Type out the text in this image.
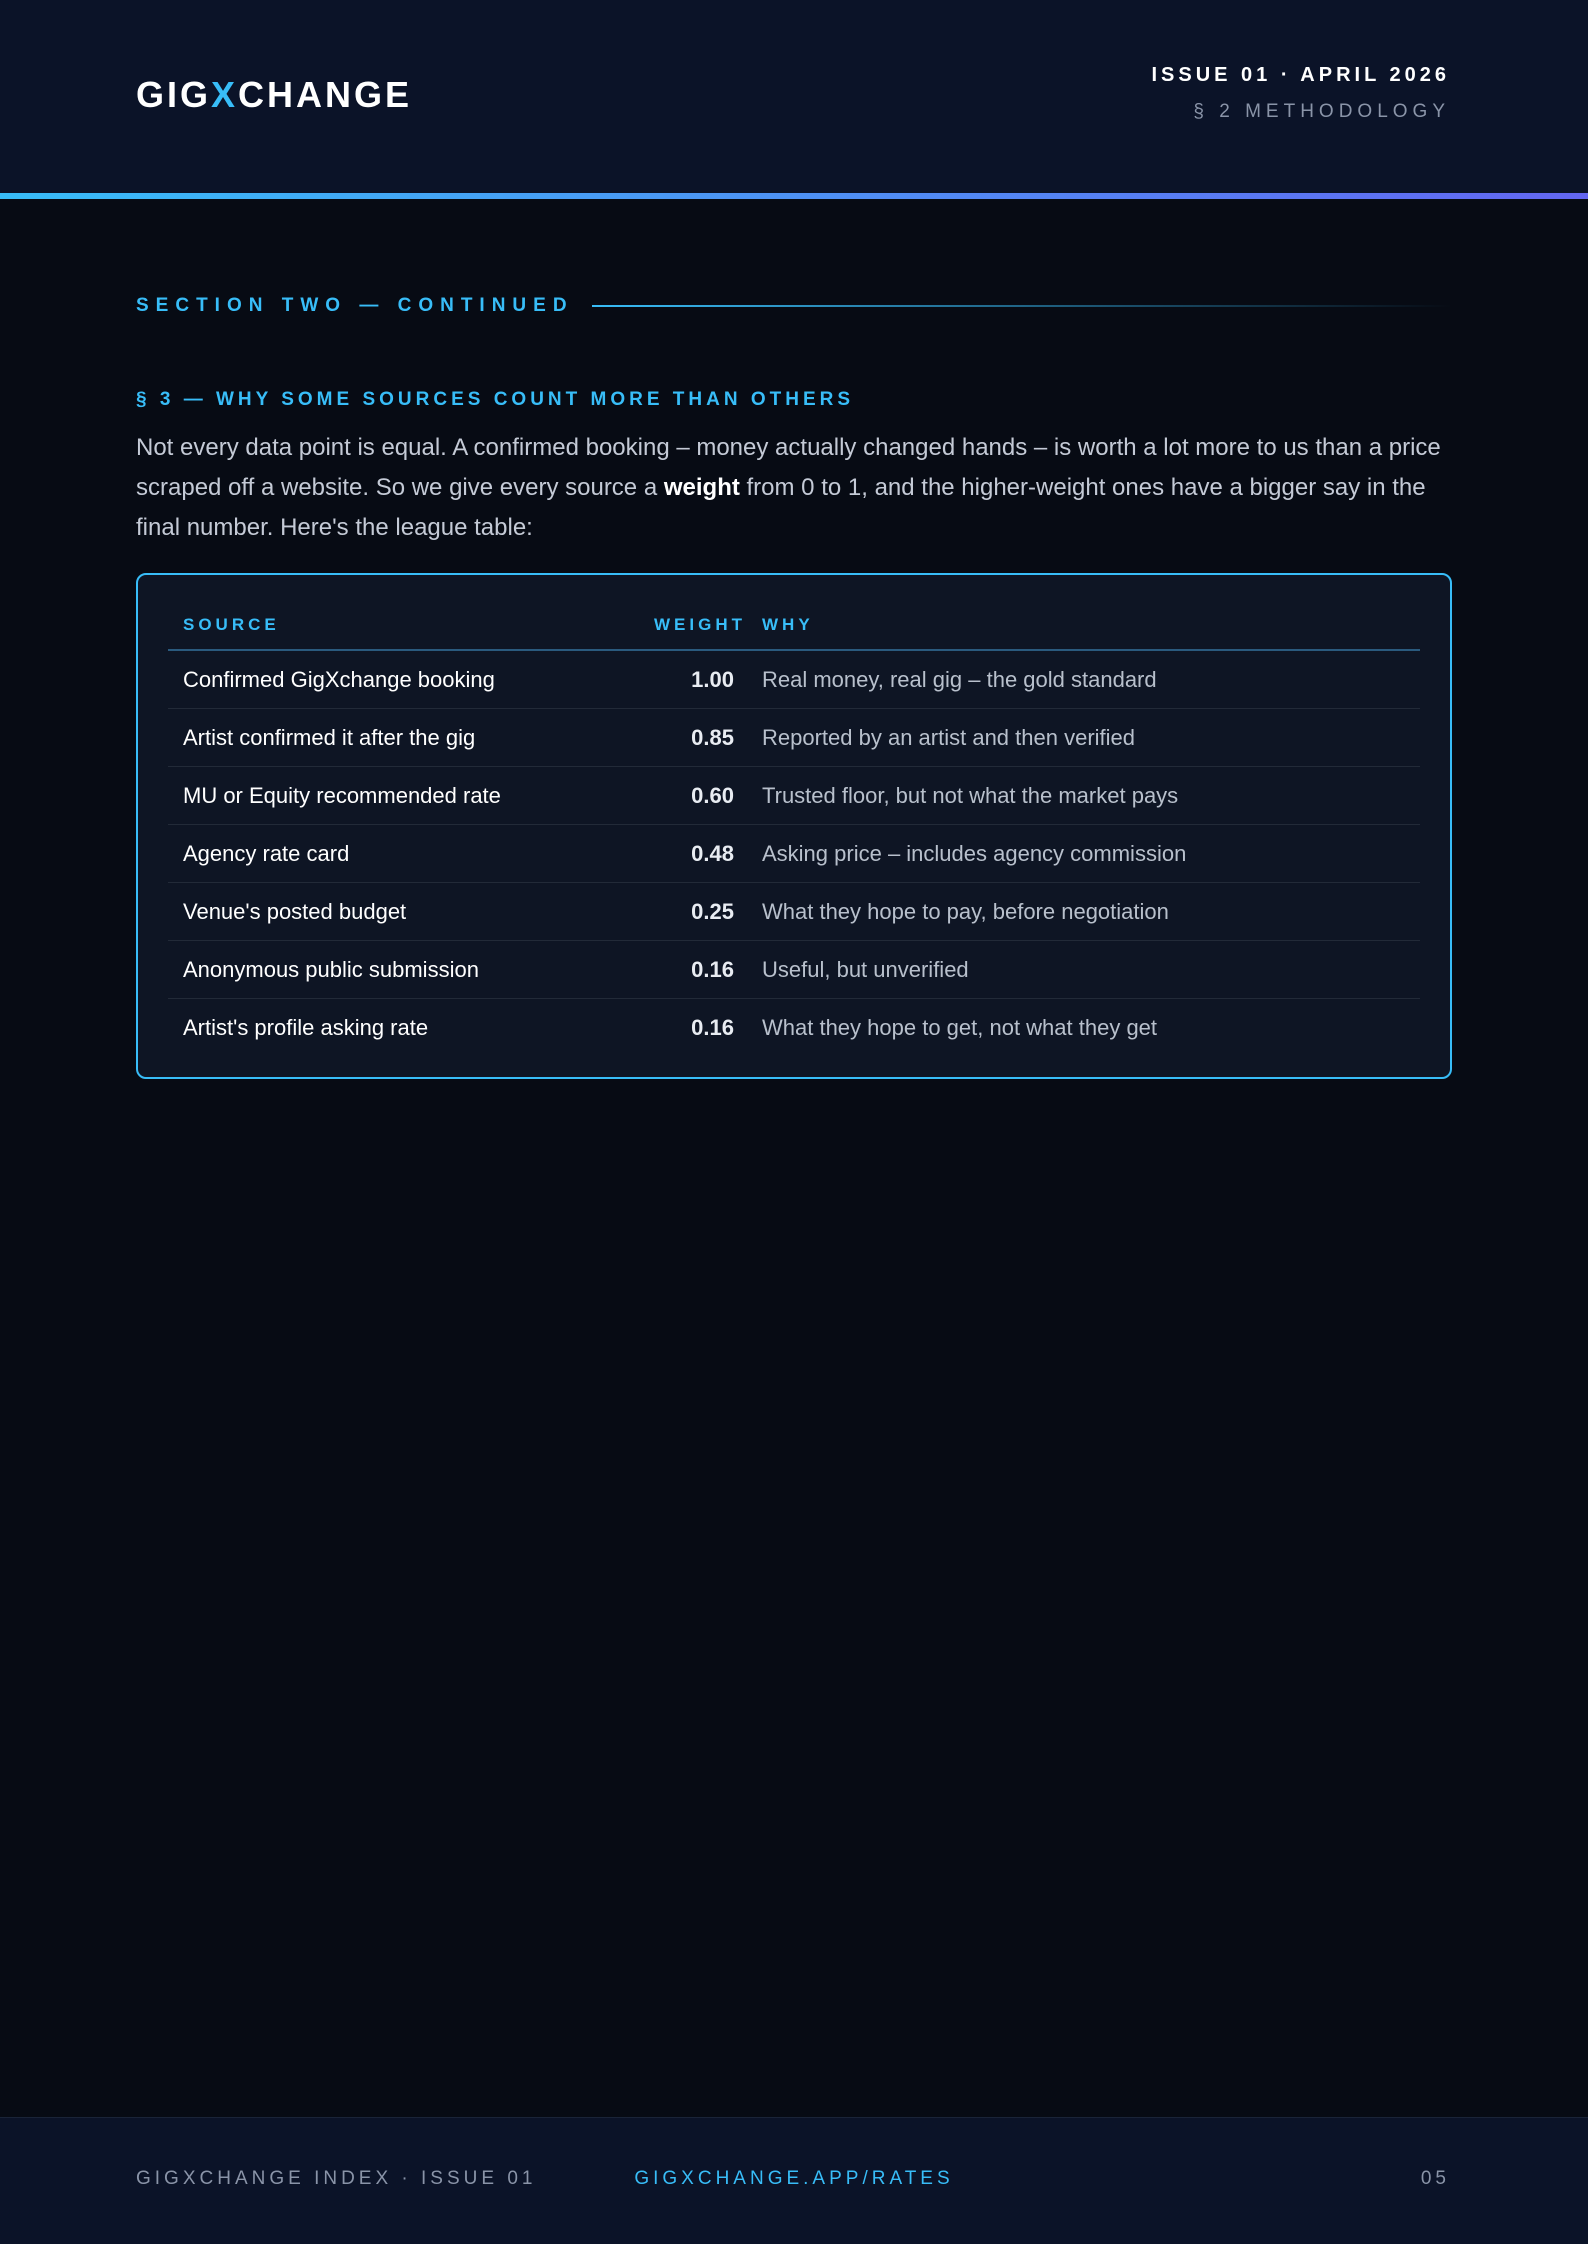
GIGXCHANGE	ISSUE 01 · APRIL 2026
§ 2 METHODOLOGY
SECTION TWO — CONTINUED
§ 3 — WHY SOME SOURCES COUNT MORE THAN OTHERS

Not every data point is equal. A confirmed booking – money actually changed hands – is worth a lot more to us than a price scraped off a website. So we give every source a weight from 0 to 1, and the higher-weight ones have a bigger say in the final number. Here's the league table:

SOURCE	WEIGHT WHY
Confirmed GigXchange booking	1.00	Real money, real gig – the gold standard
Artist confirmed it after the gig	0.85	Reported by an artist and then verified
MU or Equity recommended rate	0.60	Trusted floor, but not what the market pays
Agency rate card	0.48	Asking price – includes agency commission
Venue's posted budget	0.25	What they hope to pay, before negotiation
Anonymous public submission	0.16	Useful, but unverified
Artist's profile asking rate	0.16	What they hope to get, not what they get
GIGXCHANGE INDEX · ISSUE 01	GIGXCHANGE.APP/RATES	05
